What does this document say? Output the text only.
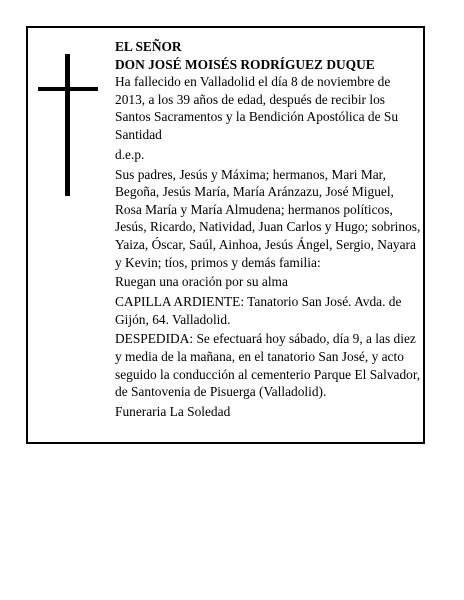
EL SEÑOR
DON JOSÉ MOISÉS RODRÍGUEZ DUQUE

Ha fallecido en Valladolid el día 8 de noviembre de 2013, a los 39 años de edad, después de recibir los Santos Sacramentos y la Bendición Apostólica de Su Santidad

d.e.p.

Sus padres, Jesús y Máxima; hermanos, Mari Mar, Begoña, Jesús María, María Aránzazu, José Miguel, Rosa María y María Almudena; hermanos políticos, Jesús, Ricardo, Natividad, Juan Carlos y Hugo; sobrinos, Yaiza, Óscar, Saúl, Ainhoa, Jesús Ángel, Sergio, Nayara y Kevin; tíos, primos y demás familia:

Ruegan una oración por su alma

CAPILLA ARDIENTE: Tanatorio San José. Avda. de Gijón, 64. Valladolid.

DESPEDIDA: Se efectuará hoy sábado, día 9, a las diez y media de la mañana, en el tanatorio San José, y acto seguido la conducción al cementerio Parque El Salvador, de Santovenia de Pisuerga (Valladolid).

Funeraria La Soledad
